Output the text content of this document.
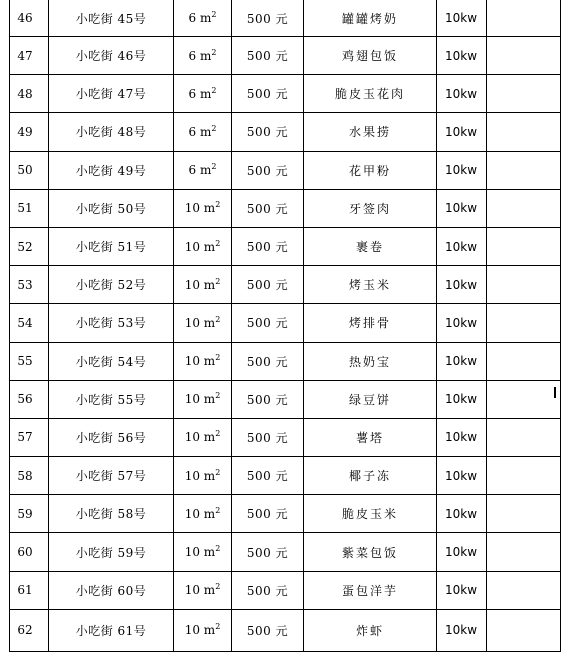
46	小吃街 45号	6 $m^2$	500 元	罐罐烤奶	10kw	
47	小吃街 46号	6 $m^2$	500 元	鸡翅包饭	10kw	
48	小吃街 47号	6 $m^2$	500 元	脆皮玉花肉	10kw	
49	小吃街 48号	6 $m^2$	500 元	水果捞	10kw	
50	小吃街 49号	6 $m^2$	500 元	花甲粉	10kw	
51	小吃街 50号	10 $m^2$	500 元	牙签肉	10kw	
52	小吃街 51号	10 $m^2$	500 元	裹卷	10kw	
53	小吃街 52号	10 $m^2$	500 元	烤玉米	10kw	
54	小吃街 53号	10 $m^2$	500 元	烤排骨	10kw	
55	小吃街 54号	10 $m^2$	500 元	热奶宝	10kw	
56	小吃街 55号	10 $m^2$	500 元	绿豆饼	10kw	
57	小吃街 56号	10 $m^2$	500 元	薯塔	10kw	
58	小吃街 57号	10 $m^2$	500 元	椰子冻	10kw	
59	小吃街 58号	10 $m^2$	500 元	脆皮玉米	10kw	
60	小吃街 59号	10 $m^2$	500 元	紫菜包饭	10kw	
61	小吃街 60号	10 $m^2$	500 元	蛋包洋芋	10kw	
62	小吃街 61号	10 $m^2$	500 元	炸虾	10kw	
